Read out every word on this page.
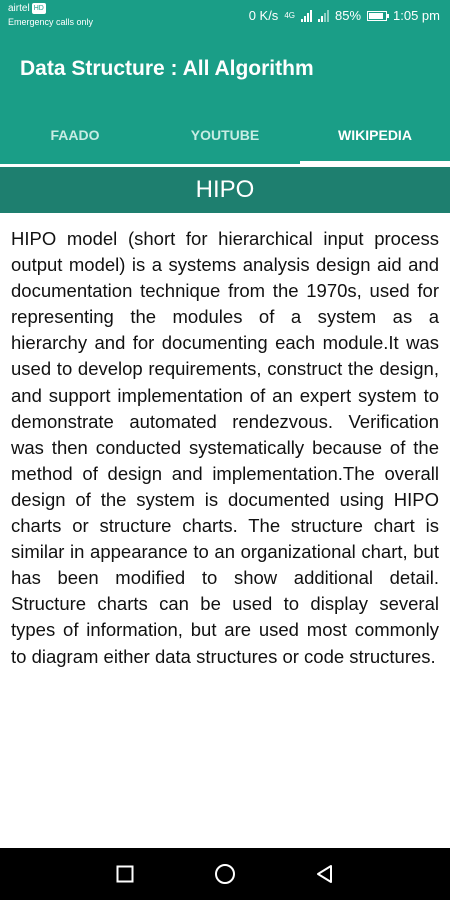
airtel HD
Emergency calls only	0 K/s 4G	85% 1:05 pm
Data Structure : All Algorithm
FAADO	YOUTUBE	WIKIPEDIA
HIPO

HIPO model (short for hierarchical input process output model) is a systems analysis design aid and documentation technique from the 1970s, used for representing the modules of a system as a hierarchy and for documenting each module.It was used to develop requirements, construct the design, and support implementation of an expert system to demonstrate automated rendezvous. Verification was then conducted systematically because of the method of design and implementation.The overall design of the system is documented using HIPO charts or structure charts. The structure chart is similar in appearance to an organizational chart, but has been modified to show additional detail. Structure charts can be used to display several types of information, but are used most commonly to diagram either data structures or code structures.
